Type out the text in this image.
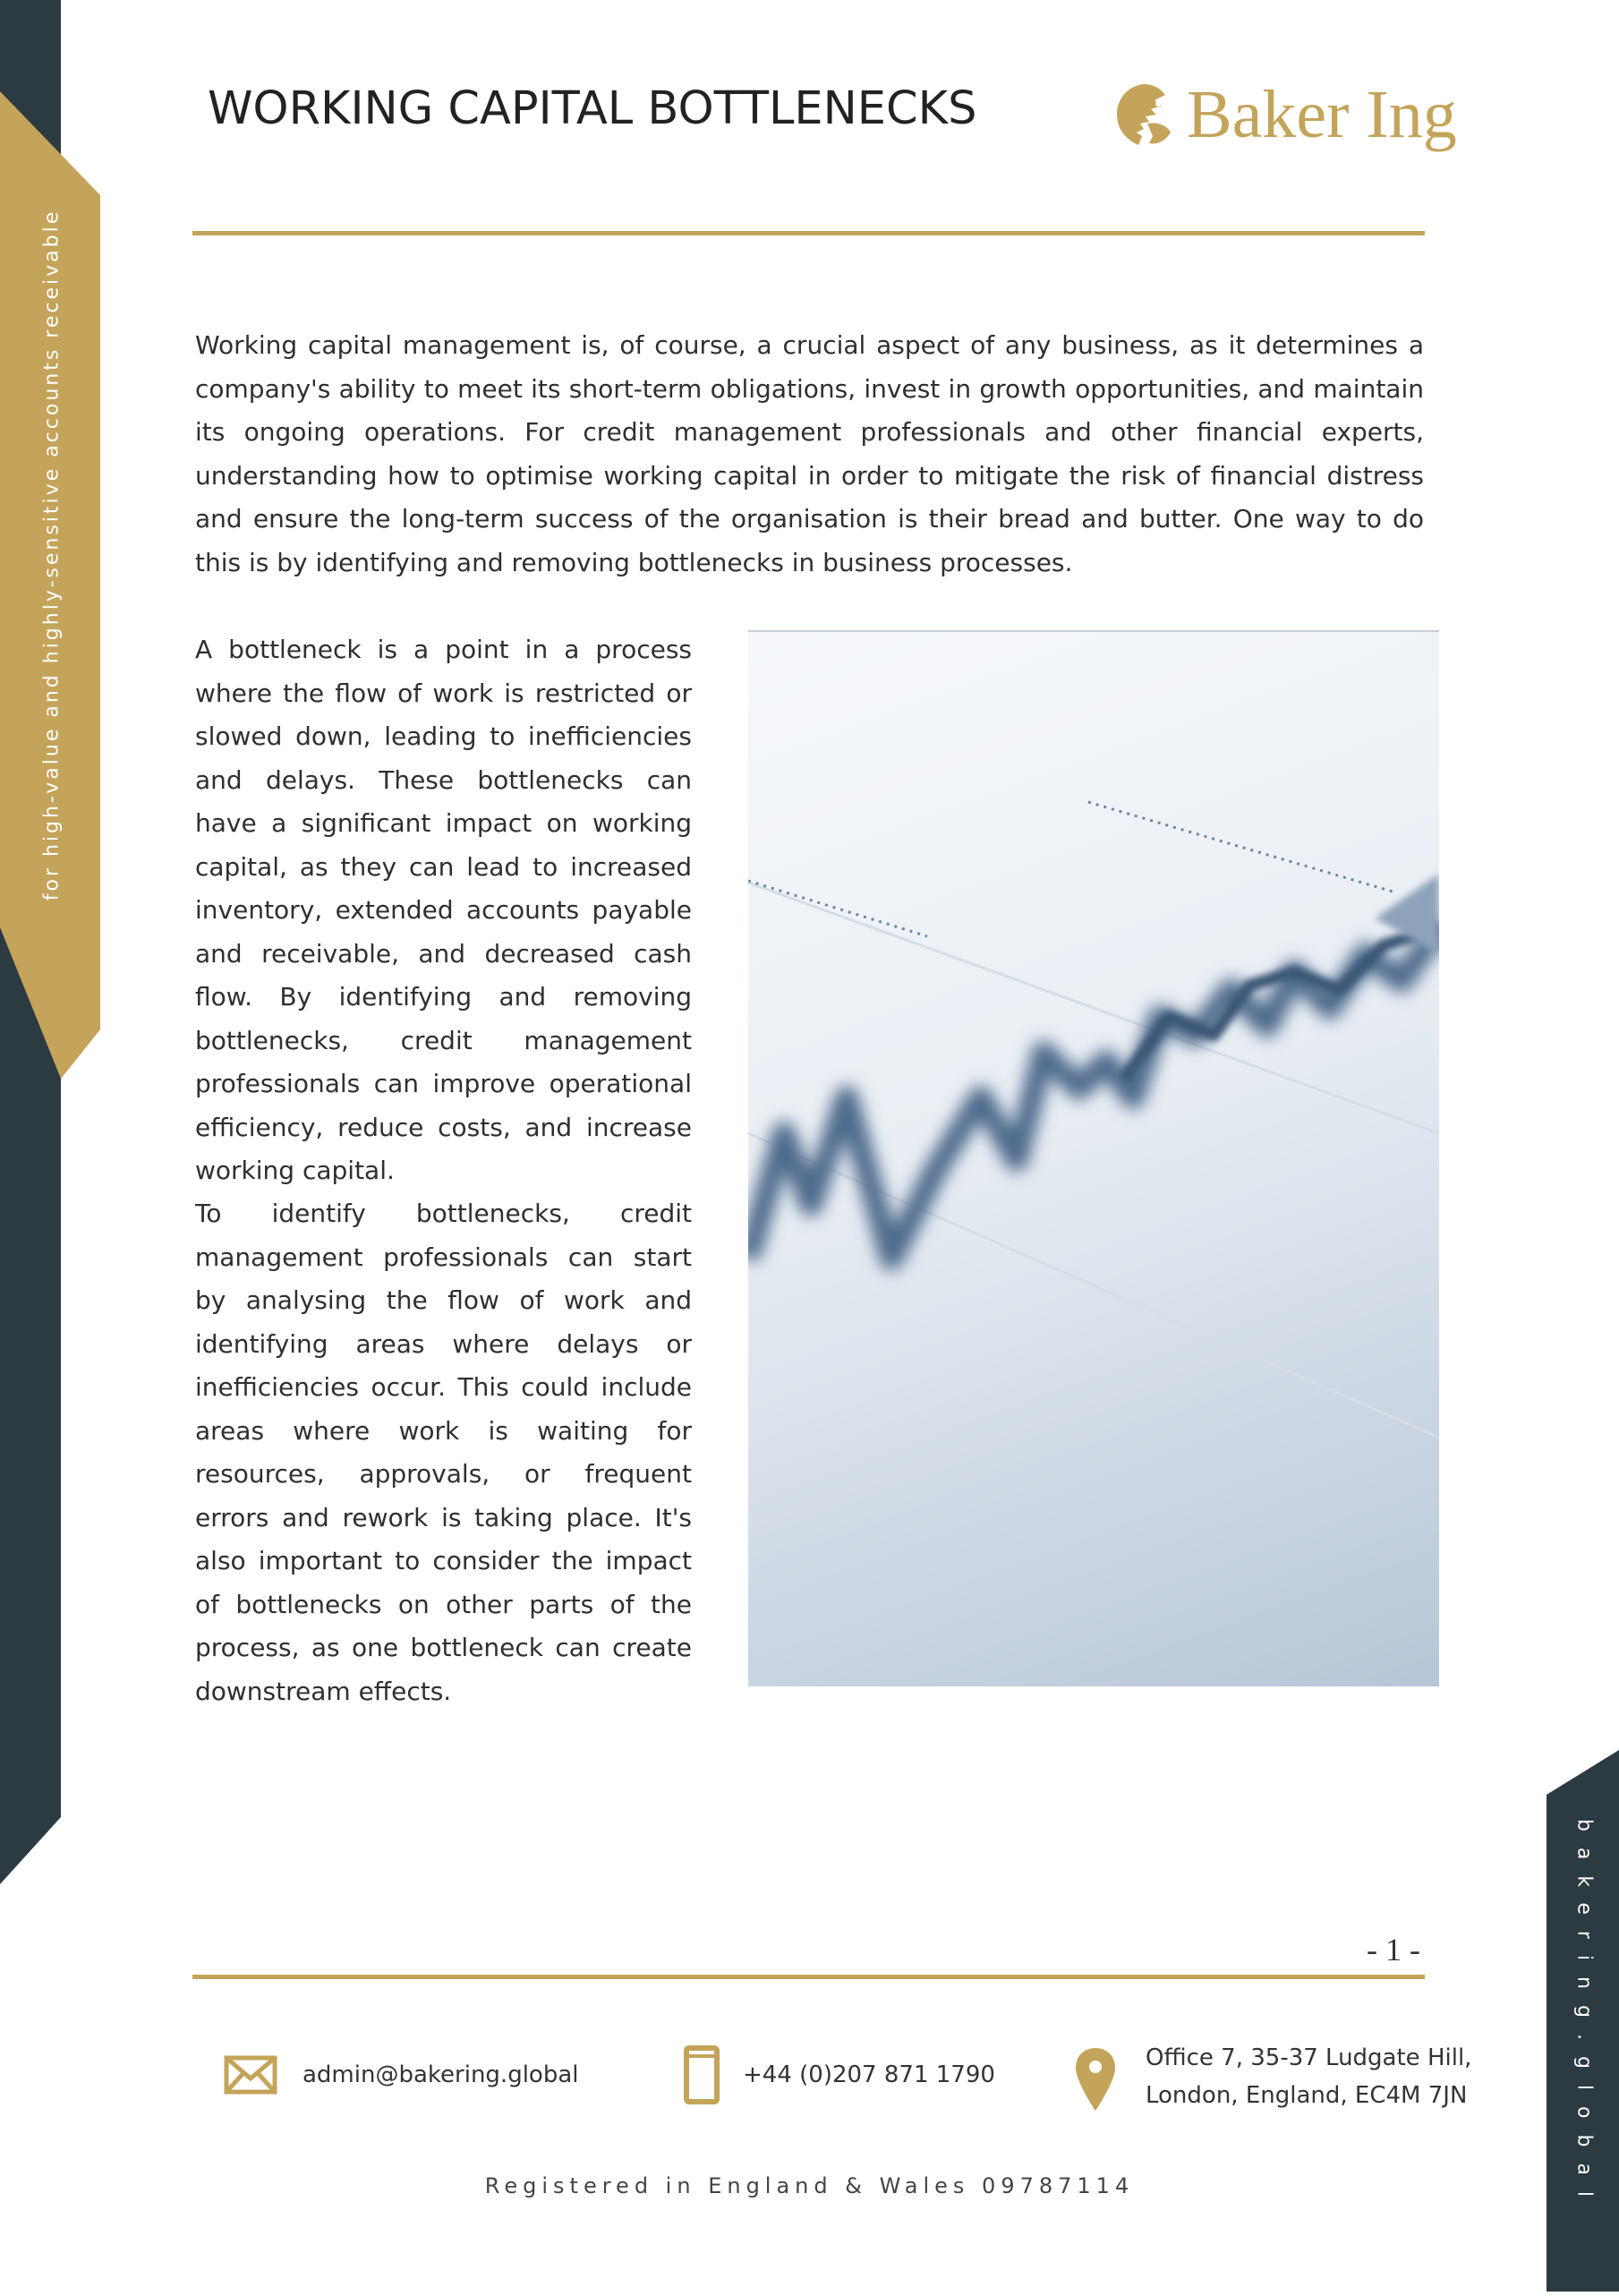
for high-value and highly-sensitive accounts receivable
WORKING CAPITAL BOTTLENECKS	Baker Ing

Working capital management is, of course, a crucial aspect of any business, as it determines a company's ability to meet its short-term obligations, invest in growth opportunities, and maintain its ongoing operations. For credit management professionals and other financial experts, understanding how to optimise working capital in order to mitigate the risk of financial distress and ensure the long-term success of the organisation is their bread and butter. One way to do this is by identifying and removing bottlenecks in business processes.

A bottleneck is a point in a process where the flow of work is restricted or slowed down, leading to inefficiencies and delays. These bottlenecks can have a significant impact on working capital, as they can lead to increased inventory, extended accounts payable and receivable, and decreased cash flow. By identifying and removing bottlenecks, credit management professionals can improve operational efficiency, reduce costs, and increase working capital.

To identify bottlenecks, credit management professionals can start by analysing the flow of work and identifying areas where delays or inefficiencies occur. This could include areas where work is waiting for resources, approvals, or frequent errors and rework is taking place. It's also important to consider the impact of bottlenecks on other parts of the process, as one bottleneck can create downstream effects.

- 1 -
admin@bakering.global	+44 (0)207 871 1790
Office 7, 35-37 Ludgate Hill,
London, England, EC4M 7JN
Registered in England & Wales 09787114	bakering.global
